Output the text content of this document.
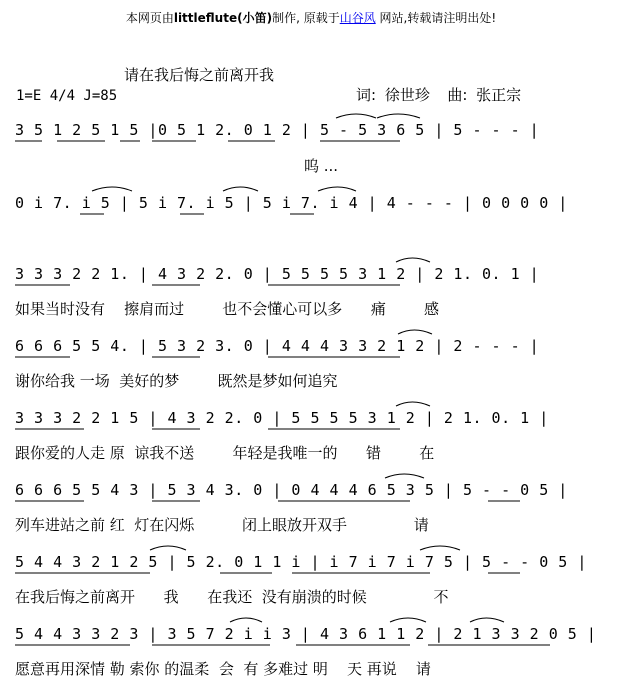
本网页由littleflute(小笛)制作, 原载于山谷风 网站,转载请注明出处!
请在我后悔之前离开我
1=E 4/4 J=85	词: 徐世珍  曲: 张正宗
3 5 1 2 5 1 5 |0 5 1 2. 0 1 2 | 5 - 5 3 6 5 | 5 - - - |
呜 ...
0 i 7. i 5 | 5 i 7. i 5 | 5 i 7. i 4 | 4 - - - | 0 0 0 0 |
3 3 3 2 2 1. | 4 3 2 2. 0 | 5 5 5 5 3 1 2 | 2 1. 0. 1 |
如果当时没有    擦肩而过        也不会懂心可以多      痛        感
6 6 6 5 5 4. | 5 3 2 3. 0 | 4 4 4 3 3 2 1 2 | 2 - - - |
谢你给我 一场  美好的梦        既然是梦如何追究
3 3 3 2 2 1 5 | 4 3 2 2. 0 | 5 5 5 5 3 1 2 | 2 1. 0. 1 |
跟你爱的人走 原  谅我不送        年轻是我唯一的      错        在
6 6 6 5 5 4 3 | 5 3 4 3. 0 | 0 4 4 4 6 5 3 5 | 5 - - 0 5 |
列车进站之前 红  灯在闪烁          闭上眼放开双手              请
5 4 4 3 2 1 2 5 | 5 2. 0 1 1 i | i 7 i 7 i 7 5 | 5 - - 0 5 |
在我后悔之前离开      我      在我还  没有崩溃的时候              不
5 4 4 3 3 2 3 | 3 5 7 2 i i 3 | 4 3 6 1 1 2 | 2 1 3 3 2 0 5 |
愿意再用深情 勒 索你 的温柔  会  有 多难过 明    天 再说    请
